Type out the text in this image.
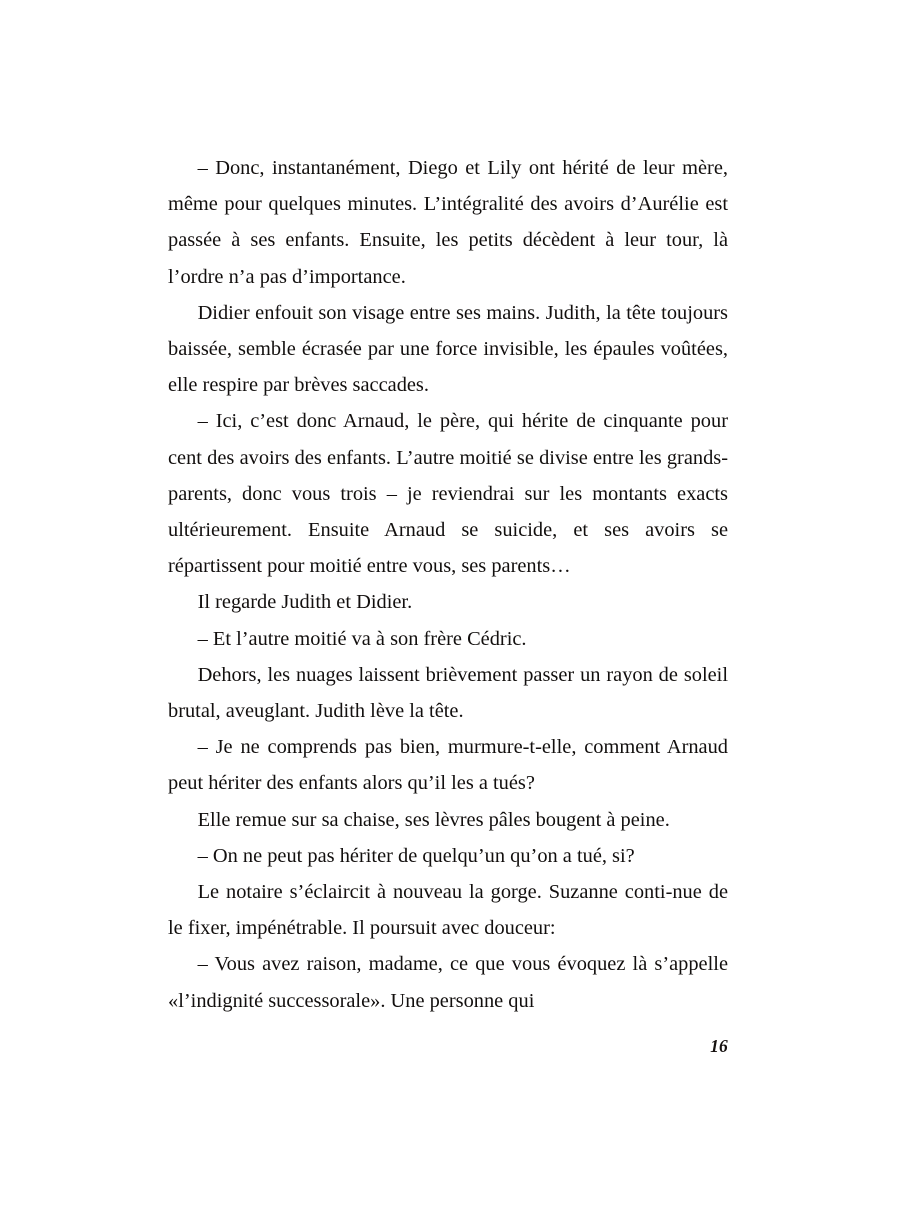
– Donc, instantanément, Diego et Lily ont hérité de leur mère, même pour quelques minutes. L’intégralité des avoirs d’Aurélie est passée à ses enfants. Ensuite, les petits décèdent à leur tour, là l’ordre n’a pas d’importance.

Didier enfouit son visage entre ses mains. Judith, la tête toujours baissée, semble écrasée par une force invisible, les épaules voûtées, elle respire par brèves saccades.

– Ici, c’est donc Arnaud, le père, qui hérite de cinquante pour cent des avoirs des enfants. L’autre moitié se divise entre les grands-parents, donc vous trois – je reviendrai sur les montants exacts ultérieurement. Ensuite Arnaud se suicide, et ses avoirs se répartissent pour moitié entre vous, ses parents…

Il regarde Judith et Didier.

– Et l’autre moitié va à son frère Cédric.

Dehors, les nuages laissent brièvement passer un rayon de soleil brutal, aveuglant. Judith lève la tête.

– Je ne comprends pas bien, murmure-t-elle, comment Arnaud peut hériter des enfants alors qu’il les a tués?

Elle remue sur sa chaise, ses lèvres pâles bougent à peine.

– On ne peut pas hériter de quelqu’un qu’on a tué, si?

Le notaire s’éclaircit à nouveau la gorge. Suzanne conti-nue de le fixer, impénétrable. Il poursuit avec douceur:

– Vous avez raison, madame, ce que vous évoquez là s’appelle «l’indignité successorale». Une personne qui

16
